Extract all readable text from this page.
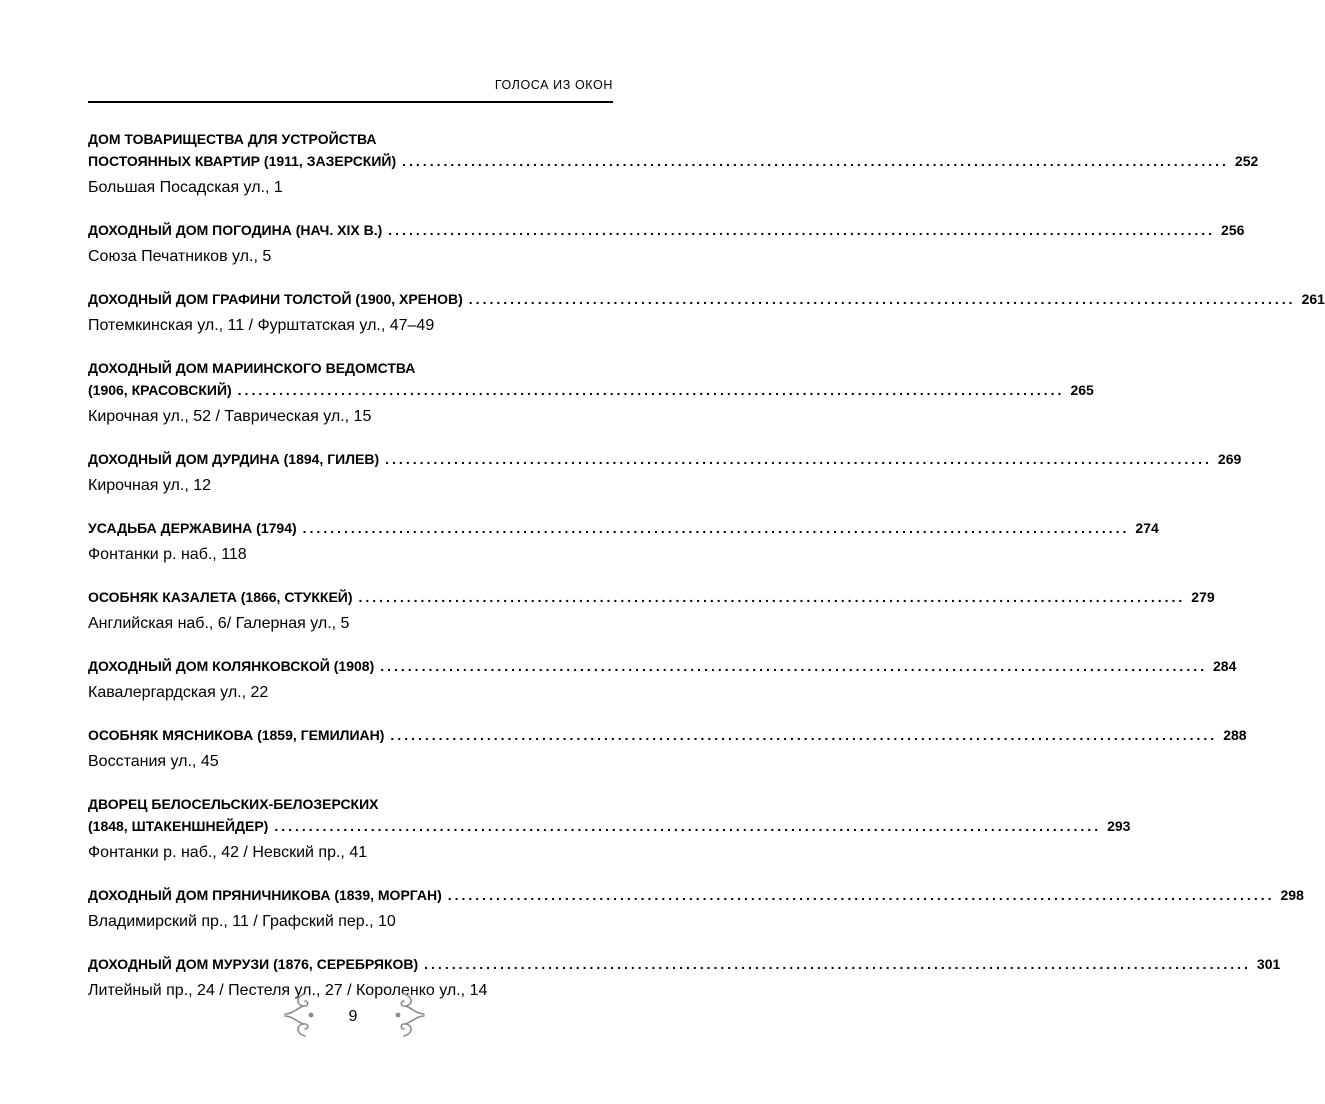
ГОЛОСА ИЗ ОКОН
ДОМ ТОВАРИЩЕСТВА ДЛЯ УСТРОЙСТВА
ПОСТОЯННЫХ КВАРТИР (1911, ЗАЗЕРСКИЙ) ........................................................................................................................ 252
Большая Посадская ул., 1
ДОХОДНЫЙ ДОМ ПОГОДИНА (НАЧ. XIX В.) ........................................................................................................................ 256
Союза Печатников ул., 5
ДОХОДНЫЙ ДОМ ГРАФИНИ ТОЛСТОЙ (1900, ХРЕНОВ) ........................................................................................................................ 261
Потемкинская ул., 11 / Фурштатская ул., 47–49
ДОХОДНЫЙ ДОМ МАРИИНСКОГО ВЕДОМСТВА
(1906, КРАСОВСКИЙ) ........................................................................................................................ 265
Кирочная ул., 52 / Таврическая ул., 15
ДОХОДНЫЙ ДОМ ДУРДИНА (1894, ГИЛЕВ) ........................................................................................................................ 269
Кирочная ул., 12
УСАДЬБА ДЕРЖАВИНА (1794) ........................................................................................................................ 274
Фонтанки р. наб., 118
ОСОБНЯК КАЗАЛЕТА (1866, СТУККЕЙ) ........................................................................................................................ 279
Английская наб., 6/ Галерная ул., 5
ДОХОДНЫЙ ДОМ КОЛЯНКОВСКОЙ (1908) ........................................................................................................................ 284
Кавалергардская ул., 22
ОСОБНЯК МЯСНИКОВА (1859, ГЕМИЛИАН) ........................................................................................................................ 288
Восстания ул., 45
ДВОРЕЦ БЕЛОСЕЛЬСКИХ-БЕЛОЗЕРСКИХ
(1848, ШТАКЕНШНЕЙДЕР) ........................................................................................................................ 293
Фонтанки р. наб., 42 / Невский пр., 41
ДОХОДНЫЙ ДОМ ПРЯНИЧНИКОВА (1839, МОРГАН) ........................................................................................................................ 298
Владимирский пр., 11 / Графский пер., 10
ДОХОДНЫЙ ДОМ МУРУЗИ (1876, СЕРЕБРЯКОВ) ........................................................................................................................ 301
Литейный пр., 24 / Пестеля ул., 27 / Короленко ул., 14
9
